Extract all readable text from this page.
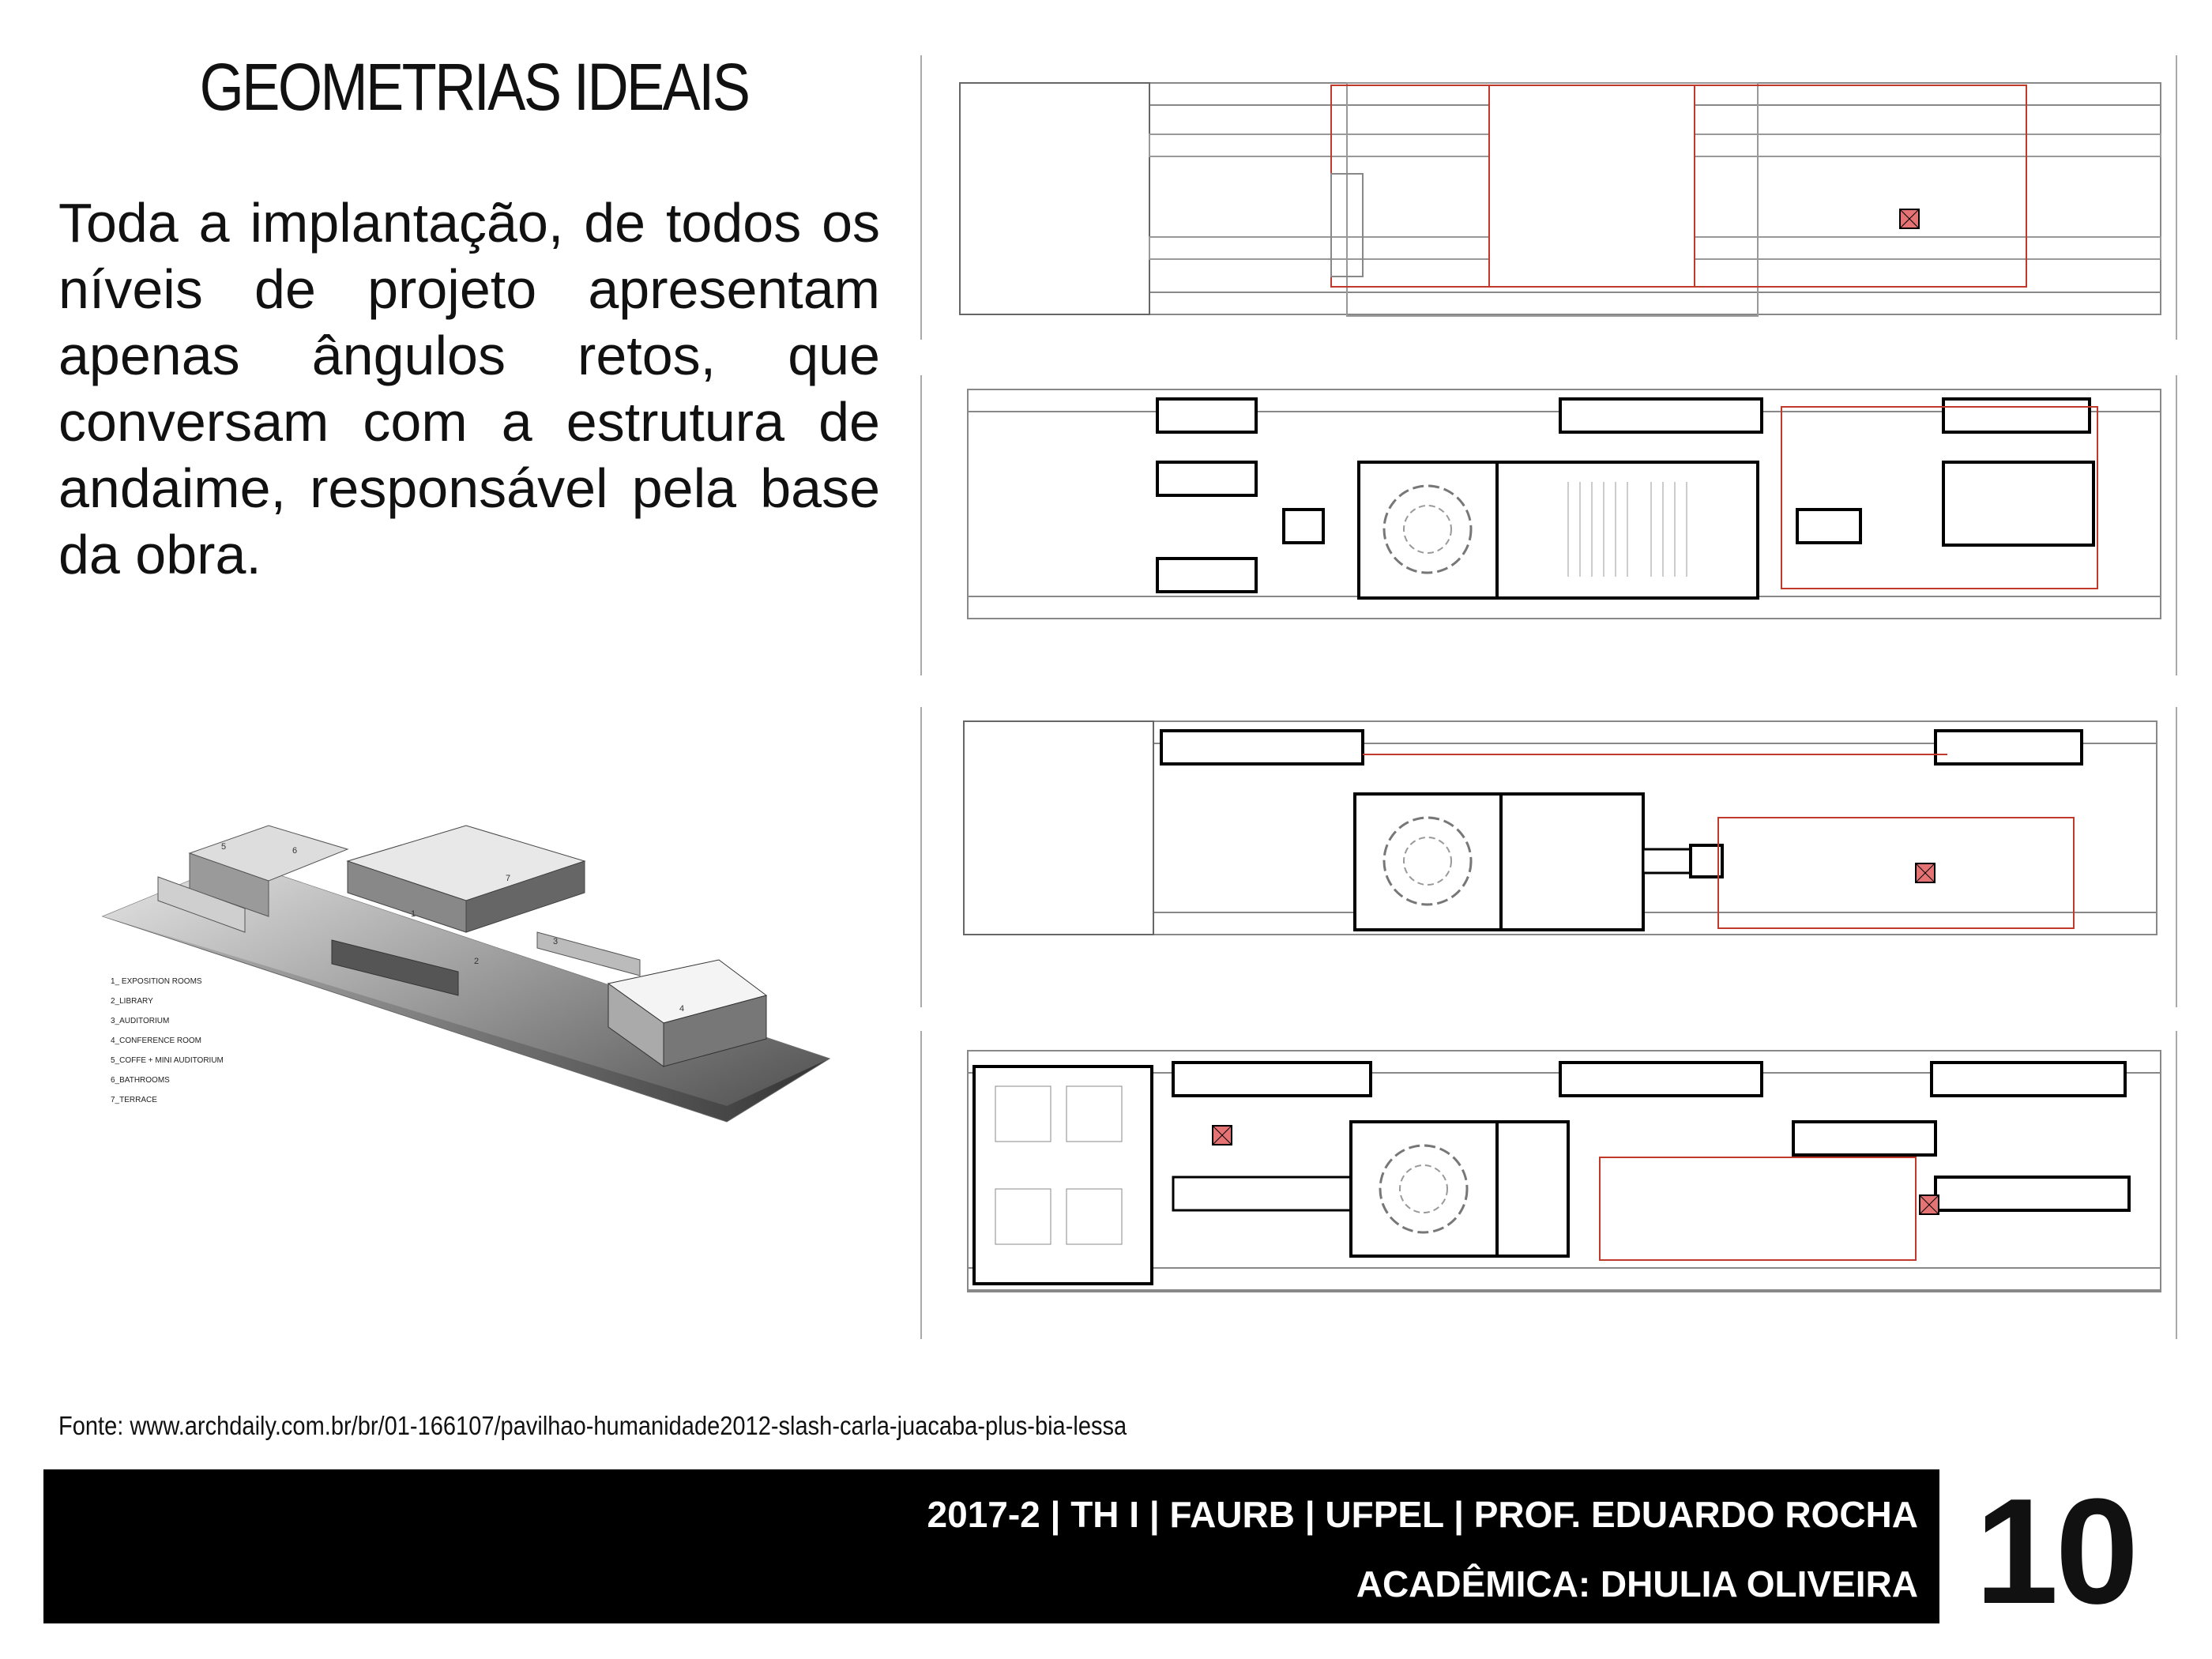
GEOMETRIAS IDEAIS
Toda a implantação, de todos os níveis de projeto apresentam apenas ângulos retos, que conversam com a estrutura de andaime, responsável pela base da obra.
7
1
2
3
4
5	6
1_ EXPOSITION ROOMS
2_LIBRARY
3_AUDITORIUM
4_CONFERENCE ROOM
5_COFFE + MINI AUDITORIUM
6_BATHROOMS
7_TERRACE
Fonte: www.archdaily.com.br/br/01-166107/pavilhao-humanidade2012-slash-carla-juacaba-plus-bia-lessa
2017-2 | TH I | FAURB | UFPEL | PROF. EDUARDO ROCHA
ACADÊMICA: DHULIA OLIVEIRA 10
